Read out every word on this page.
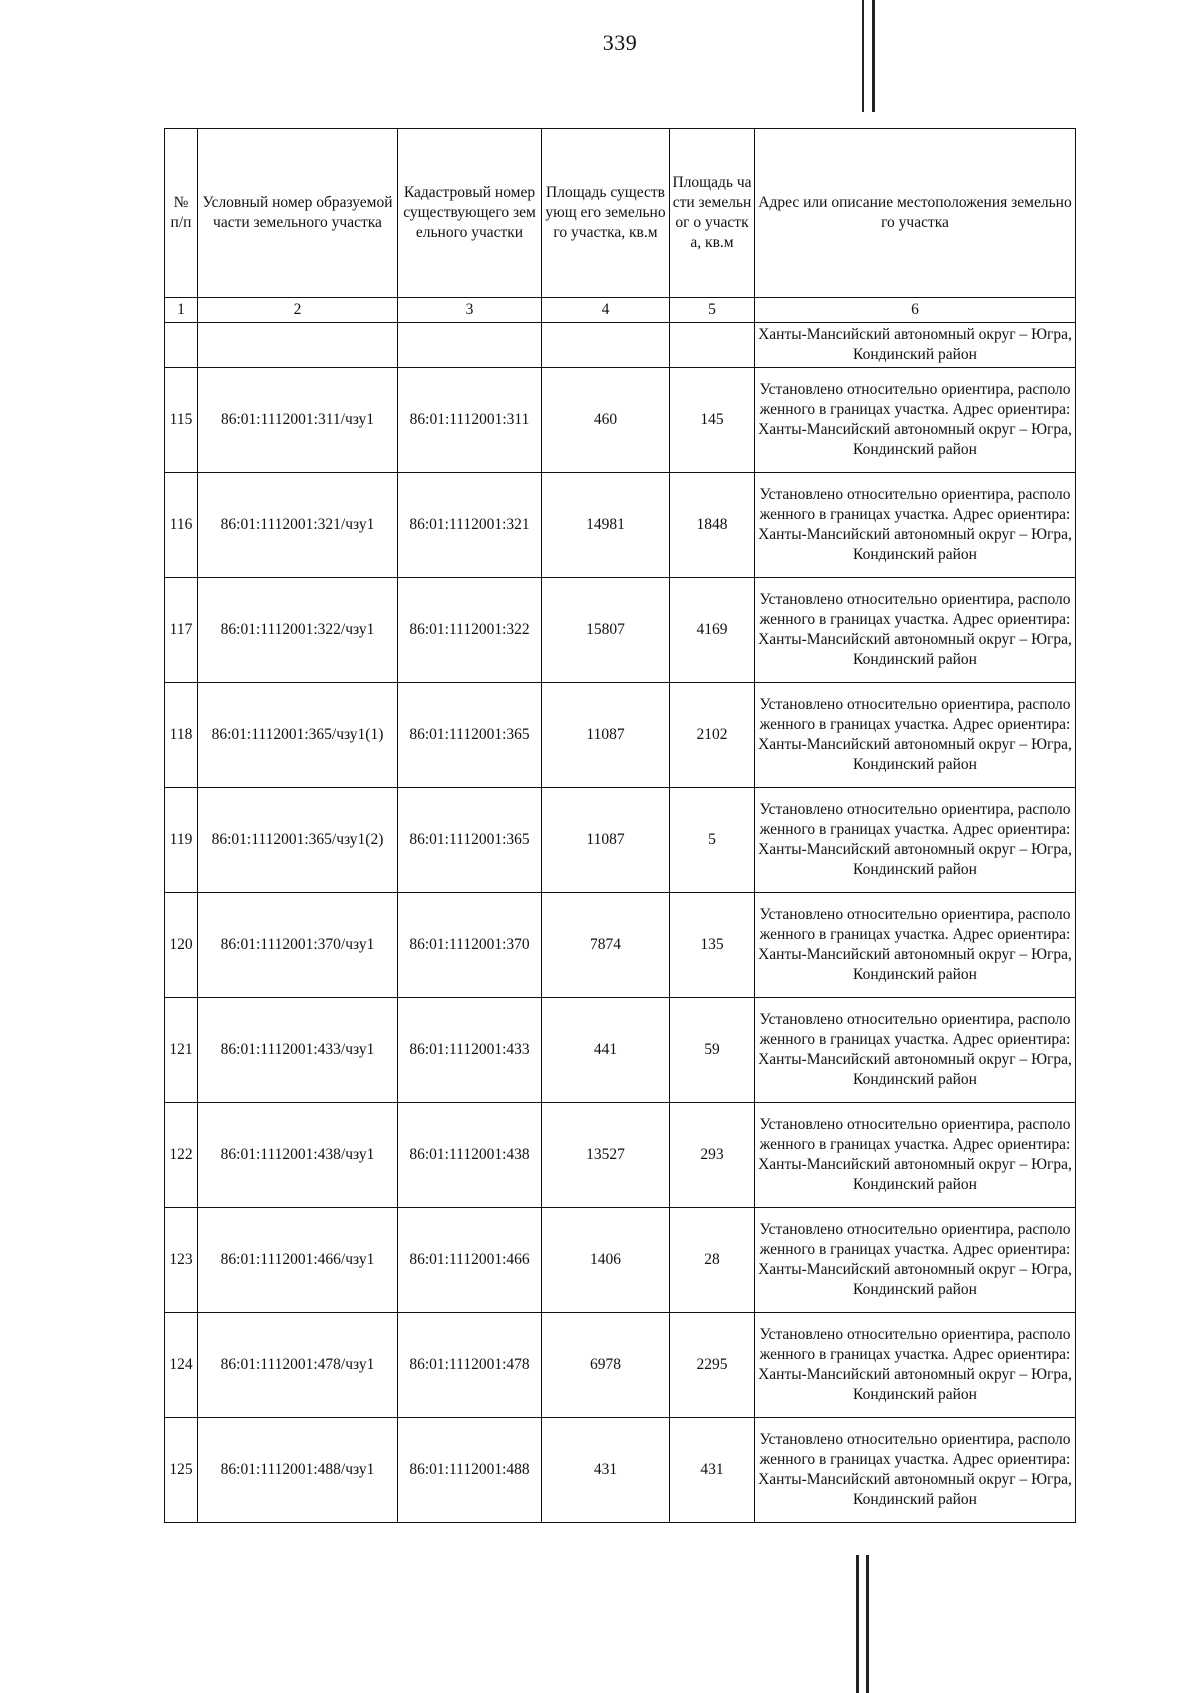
339
№ п/п	Условный номер образуемой части земельного участка	Кадастровый номер существующего земельного участки	Площадь существующ его земельного участка, кв.м	Площадь части земельног о участка, кв.м	Адрес или описание местоположения земельного участка
1	2	3	4	5	6
					Ханты-Мансийский автономный округ – Югра, Кондинский район
115	86:01:1112001:311/чзу1	86:01:1112001:311	460	145	Установлено относительно ориентира, расположенного в границах участка. Адрес ориентира: Ханты-Мансийский автономный округ – Югра, Кондинский район
116	86:01:1112001:321/чзу1	86:01:1112001:321	14981	1848	Установлено относительно ориентира, расположенного в границах участка. Адрес ориентира: Ханты-Мансийский автономный округ – Югра, Кондинский район
117	86:01:1112001:322/чзу1	86:01:1112001:322	15807	4169	Установлено относительно ориентира, расположенного в границах участка. Адрес ориентира: Ханты-Мансийский автономный округ – Югра, Кондинский район
118	86:01:1112001:365/чзу1(1)	86:01:1112001:365	11087	2102	Установлено относительно ориентира, расположенного в границах участка. Адрес ориентира: Ханты-Мансийский автономный округ – Югра, Кондинский район
119	86:01:1112001:365/чзу1(2)	86:01:1112001:365	11087	5	Установлено относительно ориентира, расположенного в границах участка. Адрес ориентира: Ханты-Мансийский автономный округ – Югра, Кондинский район
120	86:01:1112001:370/чзу1	86:01:1112001:370	7874	135	Установлено относительно ориентира, расположенного в границах участка. Адрес ориентира: Ханты-Мансийский автономный округ – Югра, Кондинский район
121	86:01:1112001:433/чзу1	86:01:1112001:433	441	59	Установлено относительно ориентира, расположенного в границах участка. Адрес ориентира: Ханты-Мансийский автономный округ – Югра, Кондинский район
122	86:01:1112001:438/чзу1	86:01:1112001:438	13527	293	Установлено относительно ориентира, расположенного в границах участка. Адрес ориентира: Ханты-Мансийский автономный округ – Югра, Кондинский район
123	86:01:1112001:466/чзу1	86:01:1112001:466	1406	28	Установлено относительно ориентира, расположенного в границах участка. Адрес ориентира: Ханты-Мансийский автономный округ – Югра, Кондинский район
124	86:01:1112001:478/чзу1	86:01:1112001:478	6978	2295	Установлено относительно ориентира, расположенного в границах участка. Адрес ориентира: Ханты-Мансийский автономный округ – Югра, Кондинский район
125	86:01:1112001:488/чзу1	86:01:1112001:488	431	431	Установлено относительно ориентира, расположенного в границах участка. Адрес ориентира: Ханты-Мансийский автономный округ – Югра, Кондинский район
